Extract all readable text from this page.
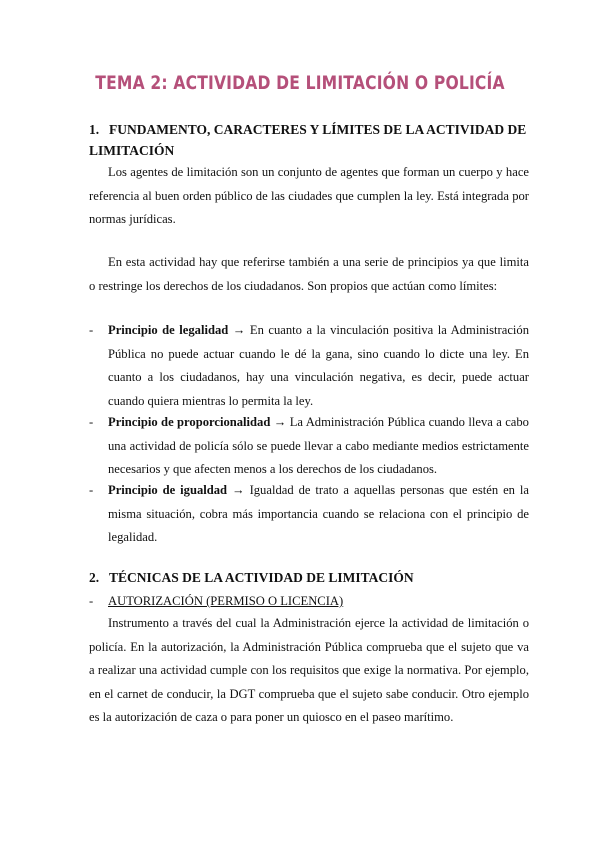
TEMA 2: ACTIVIDAD DE LIMITACIÓN O POLICÍA
1. FUNDAMENTO, CARACTERES Y LÍMITES DE LA ACTIVIDAD DE LIMITACIÓN
Los agentes de limitación son un conjunto de agentes que forman un cuerpo y hace referencia al buen orden público de las ciudades que cumplen la ley. Está integrada por normas jurídicas.
En esta actividad hay que referirse también a una serie de principios ya que limita o restringe los derechos de los ciudadanos. Son propios que actúan como límites:
- Principio de legalidad → En cuanto a la vinculación positiva la Administración Pública no puede actuar cuando le dé la gana, sino cuando lo dicte una ley. En cuanto a los ciudadanos, hay una vinculación negativa, es decir, puede actuar cuando quiera mientras lo permita la ley.
- Principio de proporcionalidad → La Administración Pública cuando lleva a cabo una actividad de policía sólo se puede llevar a cabo mediante medios estrictamente necesarios y que afecten menos a los derechos de los ciudadanos.
- Principio de igualdad → Igualdad de trato a aquellas personas que estén en la misma situación, cobra más importancia cuando se relaciona con el principio de legalidad.
2. TÉCNICAS DE LA ACTIVIDAD DE LIMITACIÓN
- AUTORIZACIÓN (PERMISO O LICENCIA)
Instrumento a través del cual la Administración ejerce la actividad de limitación o policía. En la autorización, la Administración Pública comprueba que el sujeto que va a realizar una actividad cumple con los requisitos que exige la normativa. Por ejemplo, en el carnet de conducir, la DGT comprueba que el sujeto sabe conducir. Otro ejemplo es la autorización de caza o para poner un quiosco en el paseo marítimo.
